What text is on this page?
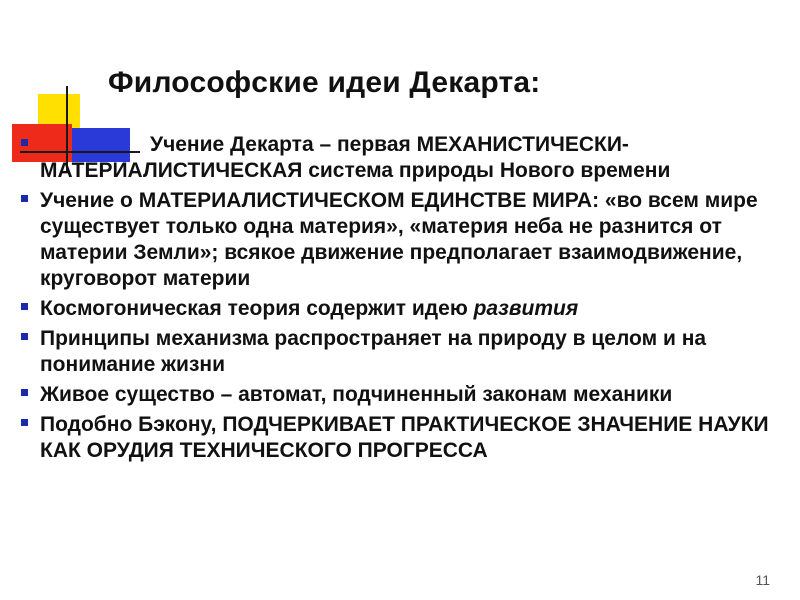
Философские идеи Декарта:
Учение Декарта – первая МЕХАНИСТИЧЕСКИ-МАТЕРИАЛИСТИЧЕСКАЯ система природы Нового времени
Учение о МАТЕРИАЛИСТИЧЕСКОМ ЕДИНСТВЕ МИРА: «во всем мире существует только одна материя», «материя неба не разнится от материи Земли»; всякое движение предполагает взаимодвижение, круговорот материи
Космогоническая теория содержит идею развития
Принципы механизма распространяет на природу в целом и на понимание жизни
Живое существо – автомат, подчиненный законам механики
Подобно Бэкону, ПОДЧЕРКИВАЕТ ПРАКТИЧЕСКОЕ ЗНАЧЕНИЕ НАУКИ КАК ОРУДИЯ ТЕХНИЧЕСКОГО ПРОГРЕССА
11
